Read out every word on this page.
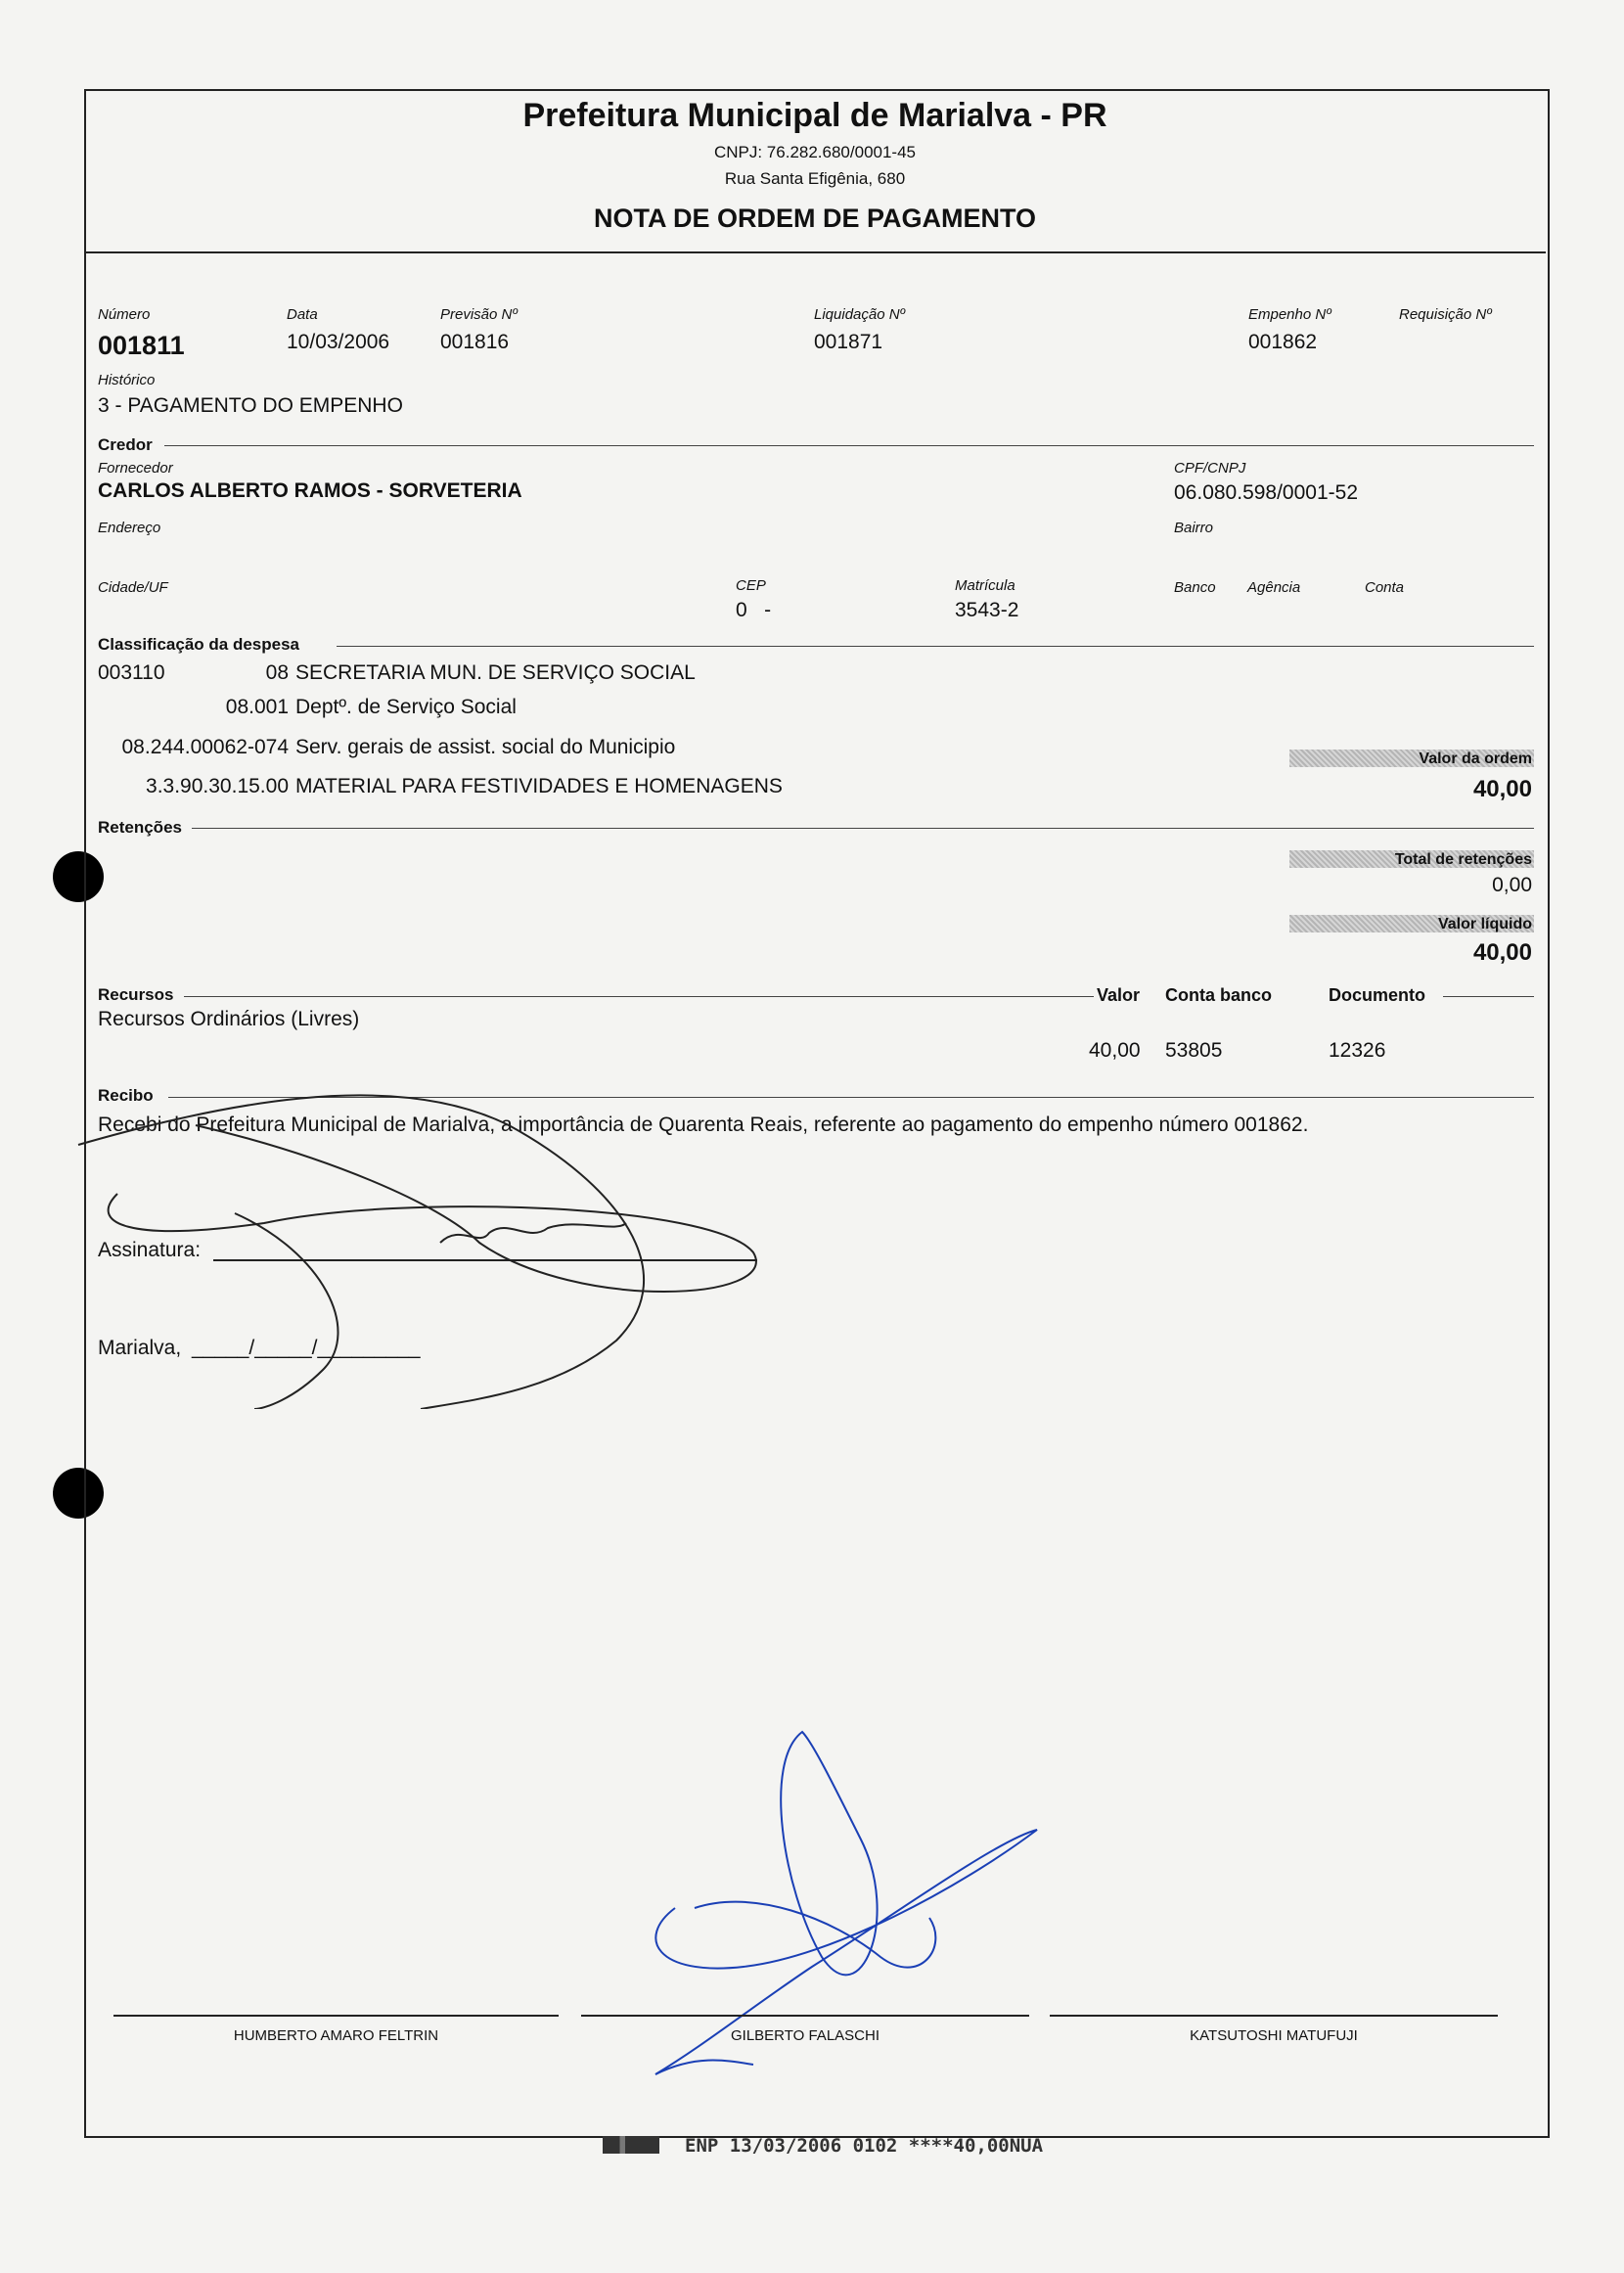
Prefeitura Municipal de Marialva - PR
CNPJ: 76.282.680/0001-45
Rua Santa Efigênia, 680
NOTA DE ORDEM DE PAGAMENTO
Número
001811
Data
10/03/2006
Previsão Nº
001816
Liquidação Nº
001871
Empenho Nº
001862
Requisição Nº
Histórico
3 - PAGAMENTO DO EMPENHO
Credor
Fornecedor
CARLOS ALBERTO RAMOS - SORVETERIA
CPF/CNPJ
06.080.598/0001-52
Endereço	Bairro
Cidade/UF	CEP
0   -
Matrícula
3543-2
Banco Agência	Conta
Classificação da despesa
003110	08 SECRETARIA MUN. DE SERVIÇO SOCIAL
08.001 Deptº. de Serviço Social
08.244.00062-074 Serv. gerais de assist. social do Municipio
3.3.90.30.15.00 MATERIAL PARA FESTIVIDADES E HOMENAGENS
Valor da ordem
40,00
Retenções
Total de retenções
0,00
Valor líquido
40,00
Recursos	Valor Conta banco	Documento
Recursos Ordinários (Livres)
40,00 53805	12326
Recibo
Recebi do Prefeitura Municipal de Marialva, a importância de Quarenta Reais, referente ao pagamento do empenho número 001862.
Assinatura:
Marialva, _____/_____/_________
HUMBERTO AMARO FELTRIN	GILBERTO FALASCHI	KATSUTOSHI MATUFUJI
ENP 13/03/2006 0102 ****40,00NUA
